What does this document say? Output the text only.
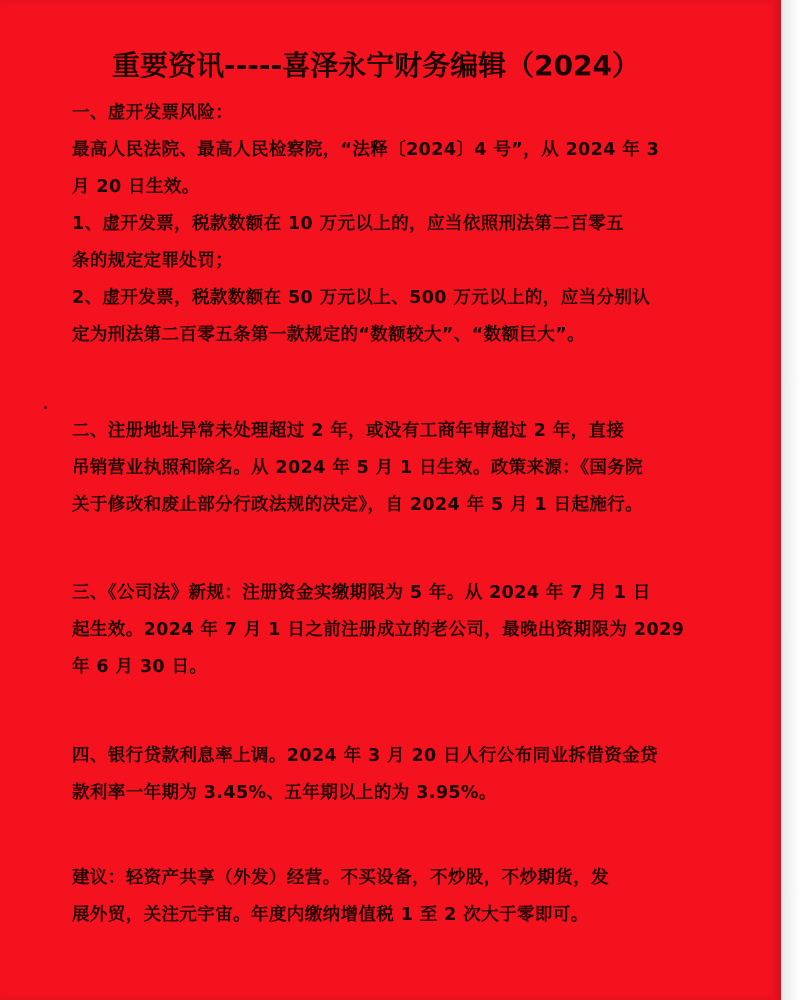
重要资讯-----喜泽永宁财务编辑（2024）

一、虚开发票风险：

最高人民法院、最高人民检察院，“法释〔2024〕4 号”，从 2024 年 3

月 20 日生效。

1、虚开发票，税款数额在 10 万元以上的，应当依照刑法第二百零五

条的规定定罪处罚；

2、虚开发票，税款数额在 50 万元以上、500 万元以上的，应当分别认

定为刑法第二百零五条第一款规定的“数额较大”、“数额巨大”。

二、注册地址异常未处理超过 2 年，或没有工商年审超过 2 年，直接

吊销营业执照和除名。从 2024 年 5 月 1 日生效。政策来源：《国务院

关于修改和废止部分行政法规的决定》，自 2024 年 5 月 1 日起施行。

三、《公司法》新规：注册资金实缴期限为 5 年。从 2024 年 7 月 1 日

起生效。2024 年 7 月 1 日之前注册成立的老公司，最晚出资期限为 2029

年 6 月 30 日。

四、银行贷款利息率上调。2024 年 3 月 20 日人行公布同业拆借资金贷

款利率一年期为 3.45%、五年期以上的为 3.95%。

建议：轻资产共享（外发）经营。不买设备，不炒股，不炒期货，发

展外贸，关注元宇宙。年度内缴纳增值税 1 至 2 次大于零即可。
